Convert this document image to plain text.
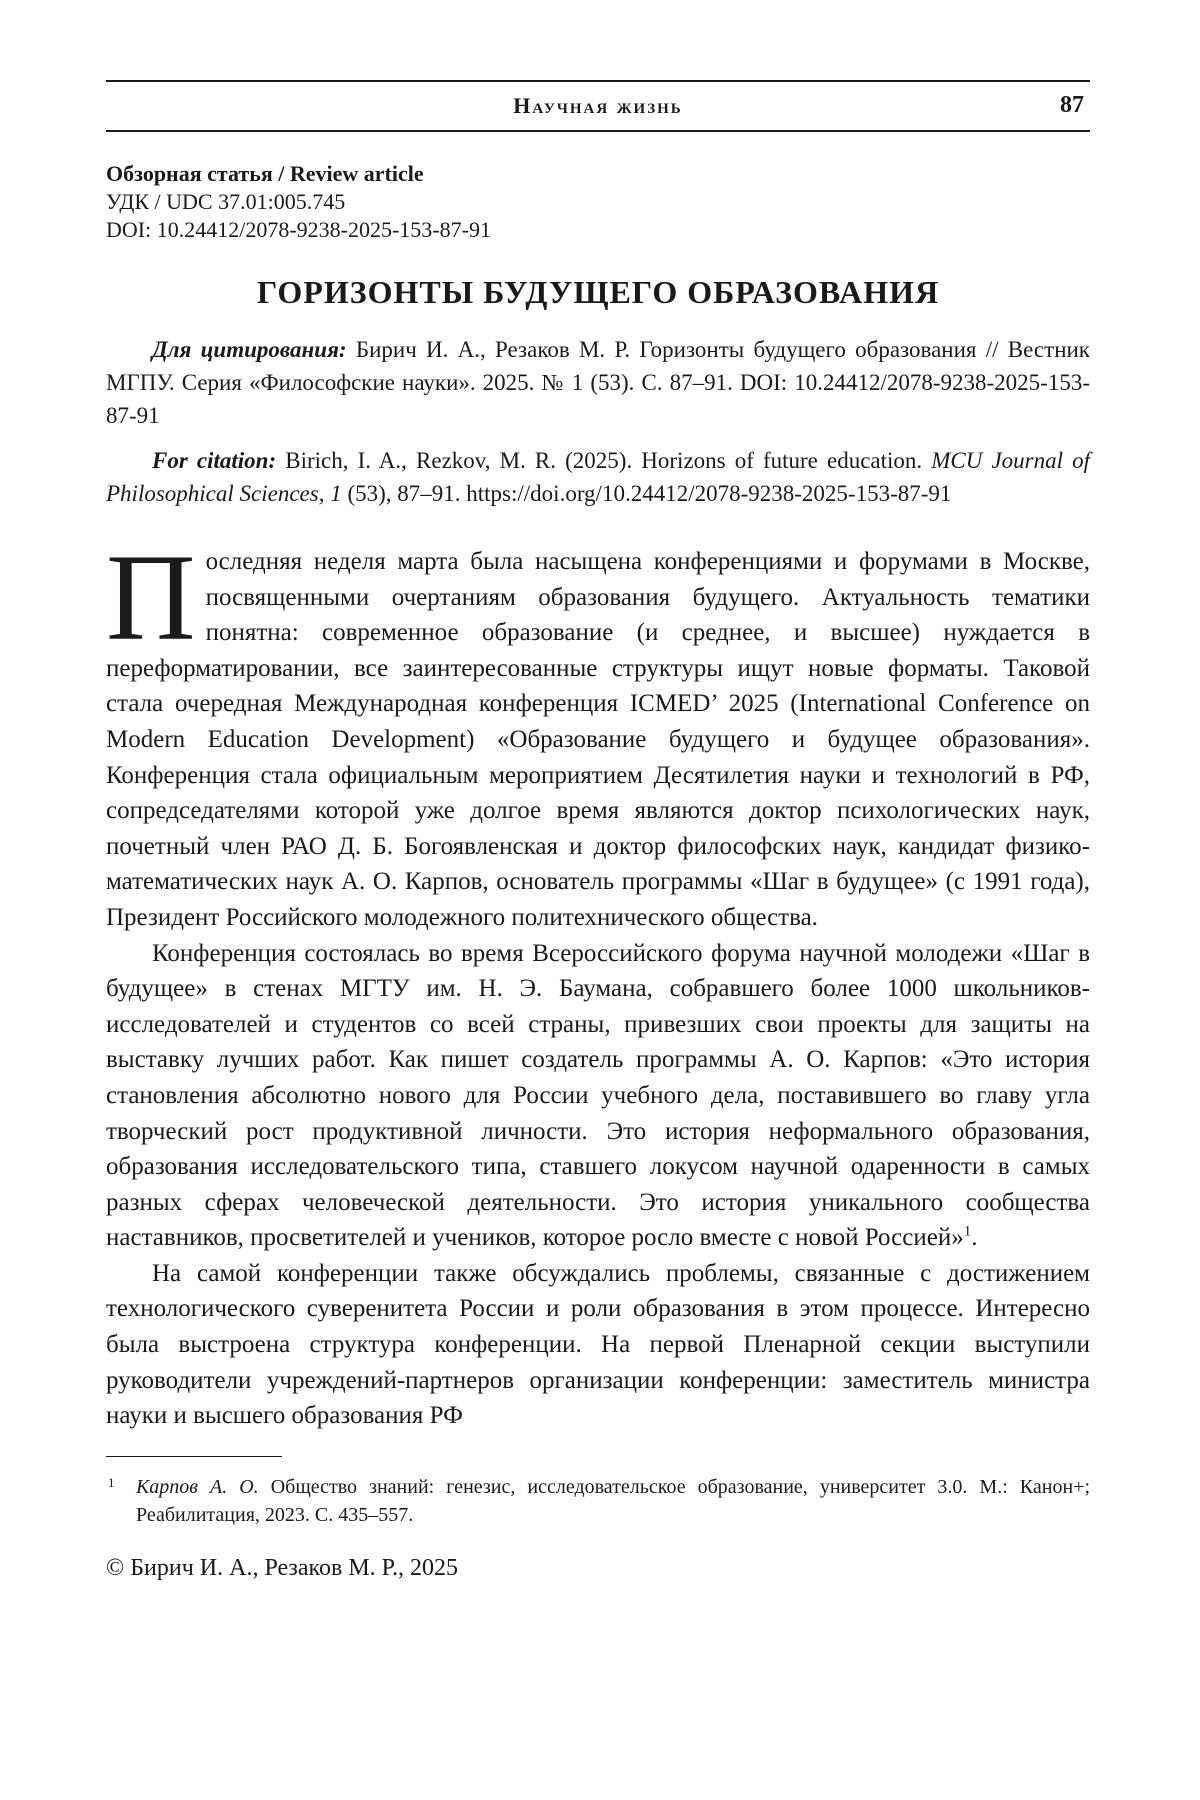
Научная жизнь	87
Обзорная статья / Review article
УДК / UDC 37.01:005.745
DOI: 10.24412/2078-9238-2025-153-87-91
ГОРИЗОНТЫ БУДУЩЕГО ОБРАЗОВАНИЯ
Для цитирования: Бирич И. А., Резаков М. Р. Горизонты будущего образования // Вестник МГПУ. Серия «Философские науки». 2025. № 1 (53). С. 87–91. DOI: 10.24412/2078-9238-2025-153-87-91
For citation: Birich, I. A., Rezkov, M. R. (2025). Horizons of future education. MCU Journal of Philosophical Sciences, 1 (53), 87–91. https://doi.org/10.24412/2078-9238-2025-153-87-91

Последняя неделя марта была насыщена конференциями и форумами в Москве, посвященными очертаниям образования будущего. Актуальность тематики понятна: современное образование (и среднее, и высшее) нуждается в переформатировании, все заинтересованные структуры ищут новые форматы. Таковой стала очередная Международная конференция ICMED’ 2025 (International Conference on Modern Education Development) «Образование будущего и будущее образования». Конференция стала официальным мероприятием Десятилетия науки и технологий в РФ, сопредседателями которой уже долгое время являются доктор психологических наук, почетный член РАО Д. Б. Богоявленская и доктор философских наук, кандидат физико-математических наук А. О. Карпов, основатель программы «Шаг в будущее» (с 1991 года), Президент Российского молодежного политехнического общества.

Конференция состоялась во время Всероссийского форума научной молодежи «Шаг в будущее» в стенах МГТУ им. Н. Э. Баумана, собравшего более 1000 школьников-исследователей и студентов со всей страны, привезших свои проекты для защиты на выставку лучших работ. Как пишет создатель программы А. О. Карпов: «Это история становления абсолютно нового для России учебного дела, поставившего во главу угла творческий рост продуктивной личности. Это история неформального образования, образования исследовательского типа, ставшего локусом научной одаренности в самых разных сферах человеческой деятельности. Это история уникального сообщества наставников, просветителей и учеников, которое росло вместе с новой Россией»$^1$.

На самой конференции также обсуждались проблемы, связанные с достижением технологического суверенитета России и роли образования в этом процессе. Интересно была выстроена структура конференции. На первой Пленарной секции выступили руководители учреждений-партнеров организации конференции: заместитель министра науки и высшего образования РФ

1 Карпов А. О. Общество знаний: генезис, исследовательское образование, университет 3.0. М.: Канон+; Реабилитация, 2023. С. 435–557.
© Бирич И. А., Резаков М. Р., 2025
